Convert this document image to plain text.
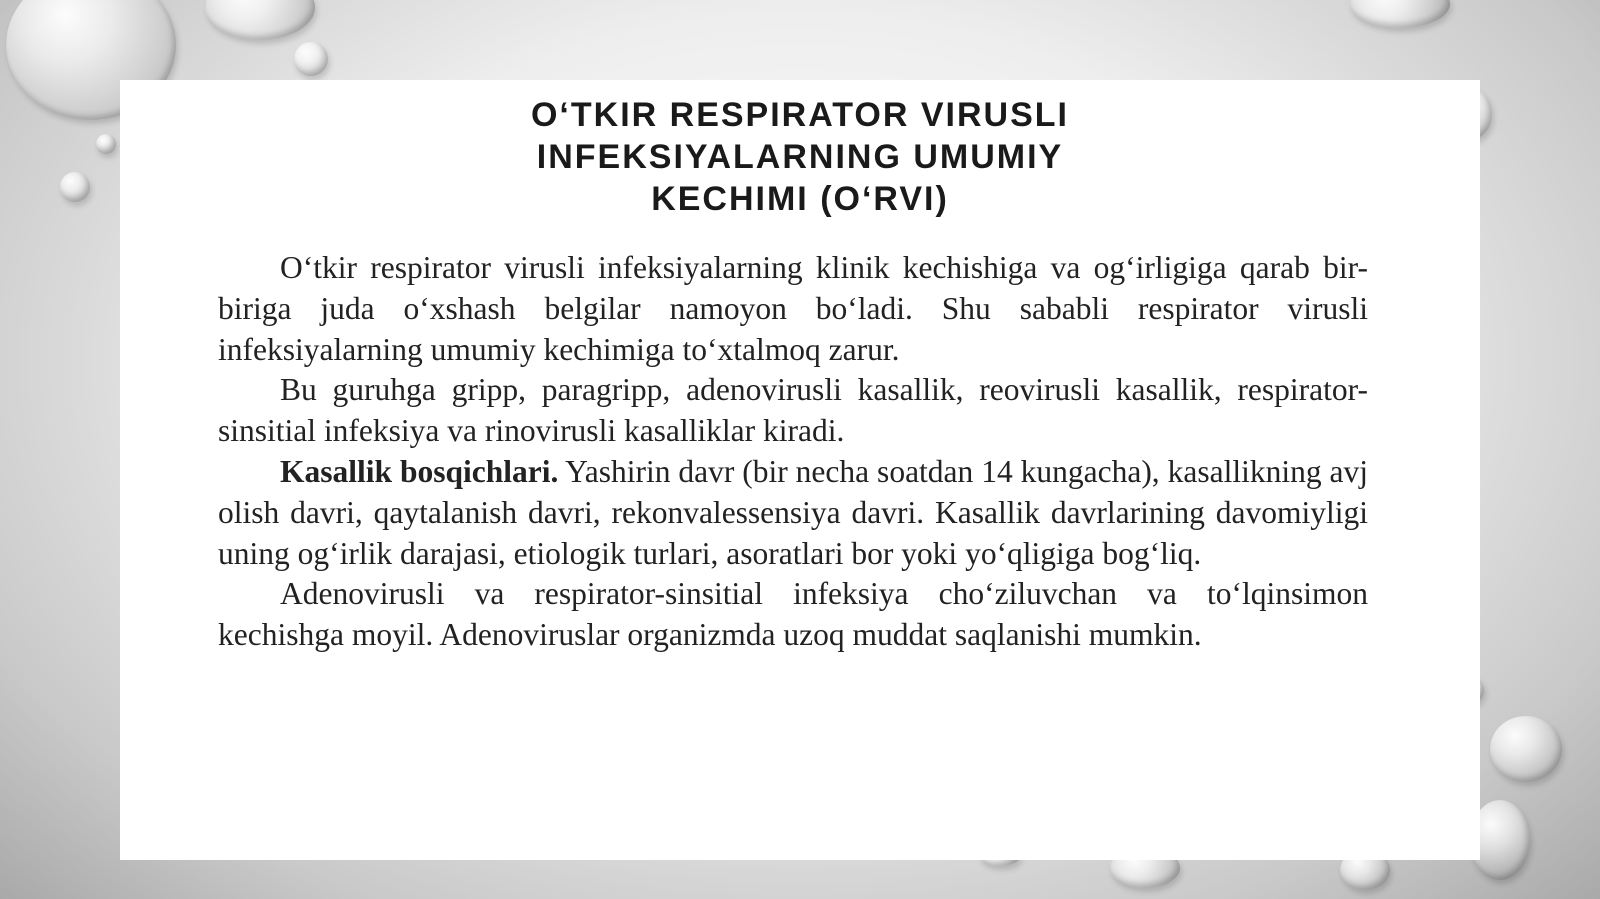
O‘TKIR RESPIRATOR VIRUSLI
INFEKSIYALARNING UMUMIY
KECHIMI (O‘RVI)

O‘tkir respirator virusli infeksiyalarning klinik kechishiga va og‘irligiga qarab bir-biriga juda o‘xshash belgilar namoyon bo‘ladi. Shu sababli respirator virusli infeksiyalarning umumiy kechimiga to‘xtalmoq zarur.

Bu guruhga gripp, paragripp, adenovirusli kasallik, reovirusli kasallik, respirator-sinsitial infeksiya va rinovirusli kasalliklar kiradi.

Kasallik bosqichlari. Yashirin davr (bir necha soatdan 14 kungacha), kasallikning avj olish davri, qaytalanish davri, rekonvalessensiya davri. Kasallik davrlarining davomiyligi uning og‘irlik darajasi, etiologik turlari, asoratlari bor yoki yo‘qligiga bog‘liq.

Adenovirusli va respirator-sinsitial infeksiya cho‘ziluvchan va to‘lqinsimon kechishga moyil. Adenoviruslar organizmda uzoq muddat saqlanishi mumkin.
